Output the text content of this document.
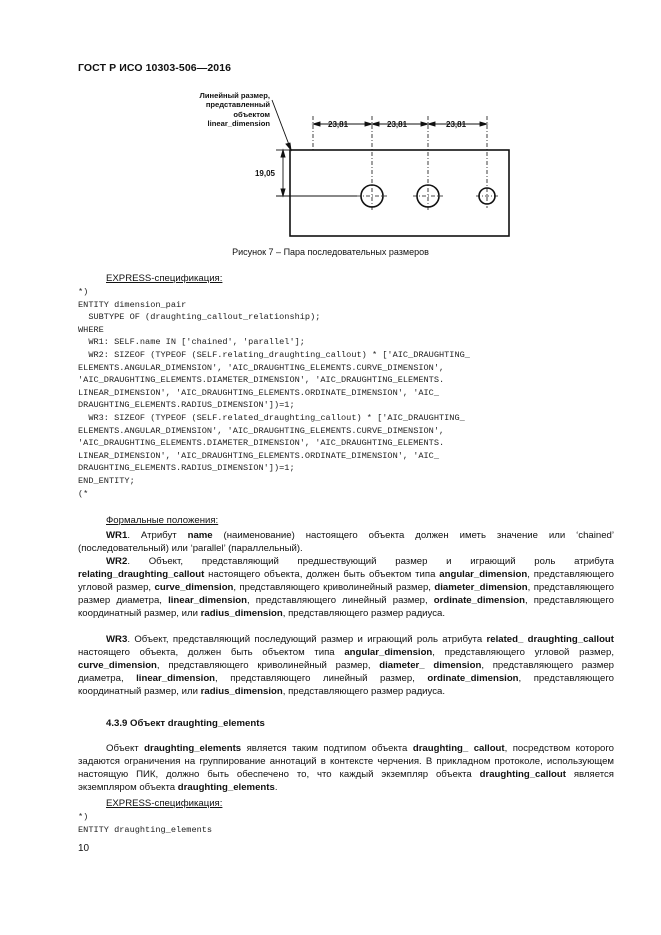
ГОСТ Р ИСО 10303-506—2016
23,81	23,81	23,81
19,05
Линейный размер,
представленный
объектом
linear_dimension
Рисунок 7 – Пара последовательных размеров
EXPRESS-спецификация:
*)
ENTITY dimension_pair
SUBTYPE OF (draughting_callout_relationship);
WHERE
WR1: SELF.name IN ['chained', 'parallel'];
WR2: SIZEOF (TYPEOF (SELF.relating_draughting_callout) * ['AIC_DRAUGHTING_
ELEMENTS.ANGULAR_DIMENSION', 'AIC_DRAUGHTING_ELEMENTS.CURVE_DIMENSION',
'AIC_DRAUGHTING_ELEMENTS.DIAMETER_DIMENSION', 'AIC_DRAUGHTING_ELEMENTS.
LINEAR_DIMENSION', 'AIC_DRAUGHTING_ELEMENTS.ORDINATE_DIMENSION', 'AIC_
DRAUGHTING_ELEMENTS.RADIUS_DIMENSION'])=1;
WR3: SIZEOF (TYPEOF (SELF.related_draughting_callout) * ['AIC_DRAUGHTING_
ELEMENTS.ANGULAR_DIMENSION', 'AIC_DRAUGHTING_ELEMENTS.CURVE_DIMENSION',
'AIC_DRAUGHTING_ELEMENTS.DIAMETER_DIMENSION', 'AIC_DRAUGHTING_ELEMENTS.
LINEAR_DIMENSION', 'AIC_DRAUGHTING_ELEMENTS.ORDINATE_DIMENSION', 'AIC_
DRAUGHTING_ELEMENTS.RADIUS_DIMENSION'])=1;
END_ENTITY;
(*
Формальные положения:
WR1. Атрибут name (наименование) настоящего объекта должен иметь значение или ‘chained’ (последовательный) или ‘parallel’ (параллельный).
WR2. Объект, представляющий предшествующий размер и играющий роль атрибута relating_draughting_callout настоящего объекта, должен быть объектом типа angular_dimension, представляющего угловой размер, curve_dimension, представляющего криволинейный размер, diameter_dimension, представляющего размер диаметра, linear_dimension, представляющего линейный размер, ordinate_dimension, представляющего координатный размер, или radius_dimension, представляющего размер радиуса.
WR3. Объект, представляющий последующий размер и играющий роль атрибута related_ draughting_callout настоящего объекта, должен быть объектом типа angular_dimension, представляющего угловой размер, curve_dimension, представляющего криволинейный размер, diameter_ dimension, представляющего размер диаметра, linear_dimension, представляющего линейный размер, ordinate_dimension, представляющего координатный размер, или radius_dimension, представляющего размер радиуса.
4.3.9 Объект draughting_elements
Объект draughting_elements является таким подтипом объекта draughting_ callout, посредством которого задаются ограничения на группирование аннотаций в контексте черчения. В прикладном протоколе, использующем настоящую ПИК, должно быть обеспечено то, что каждый экземпляр объекта draughting_callout является экземпляром объекта draughting_elements.
EXPRESS-спецификация:
*)
ENTITY draughting_elements
10
